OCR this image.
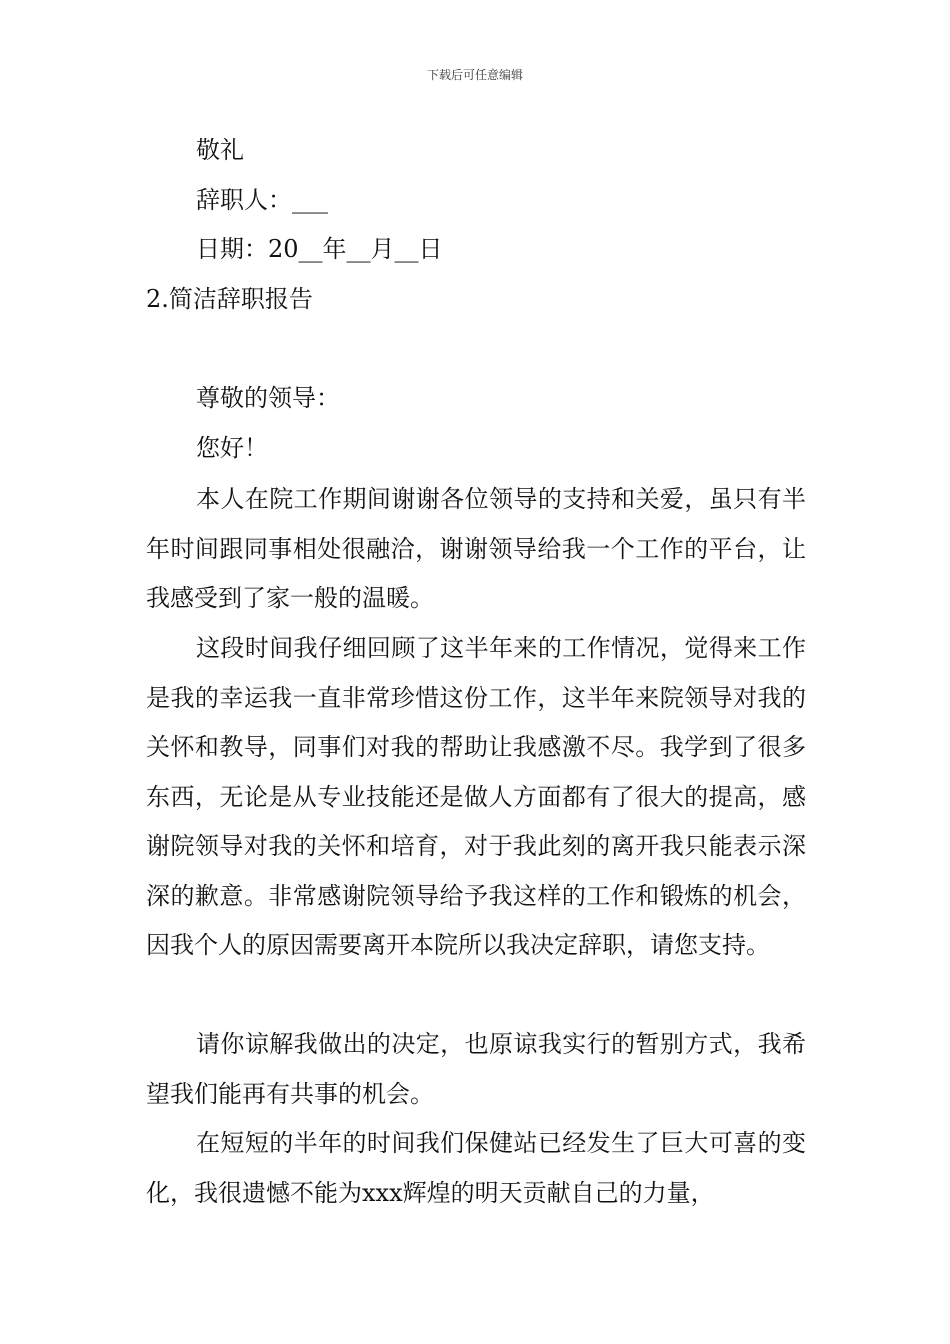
下载后可任意编辑
敬礼
辞职人：___
日期：20__年__月__日
2.简洁辞职报告
尊敬的领导：
您好！

本人在院工作期间谢谢各位领导的支持和关爱，虽只有半年时间跟同事相处很融洽，谢谢领导给我一个工作的平台，让我感受到了家一般的温暖。

这段时间我仔细回顾了这半年来的工作情况，觉得来工作是我的幸运我一直非常珍惜这份工作，这半年来院领导对我的关怀和教导，同事们对我的帮助让我感激不尽。我学到了很多东西，无论是从专业技能还是做人方面都有了很大的提高，感谢院领导对我的关怀和培育，对于我此刻的离开我只能表示深深的歉意。非常感谢院领导给予我这样的工作和锻炼的机会，因我个人的原因需要离开本院所以我决定辞职，请您支持。

请你谅解我做出的决定，也原谅我实行的暂别方式，我希望我们能再有共事的机会。

在短短的半年的时间我们保健站已经发生了巨大可喜的变化，我很遗憾不能为xxx辉煌的明天贡献自己的力量，
